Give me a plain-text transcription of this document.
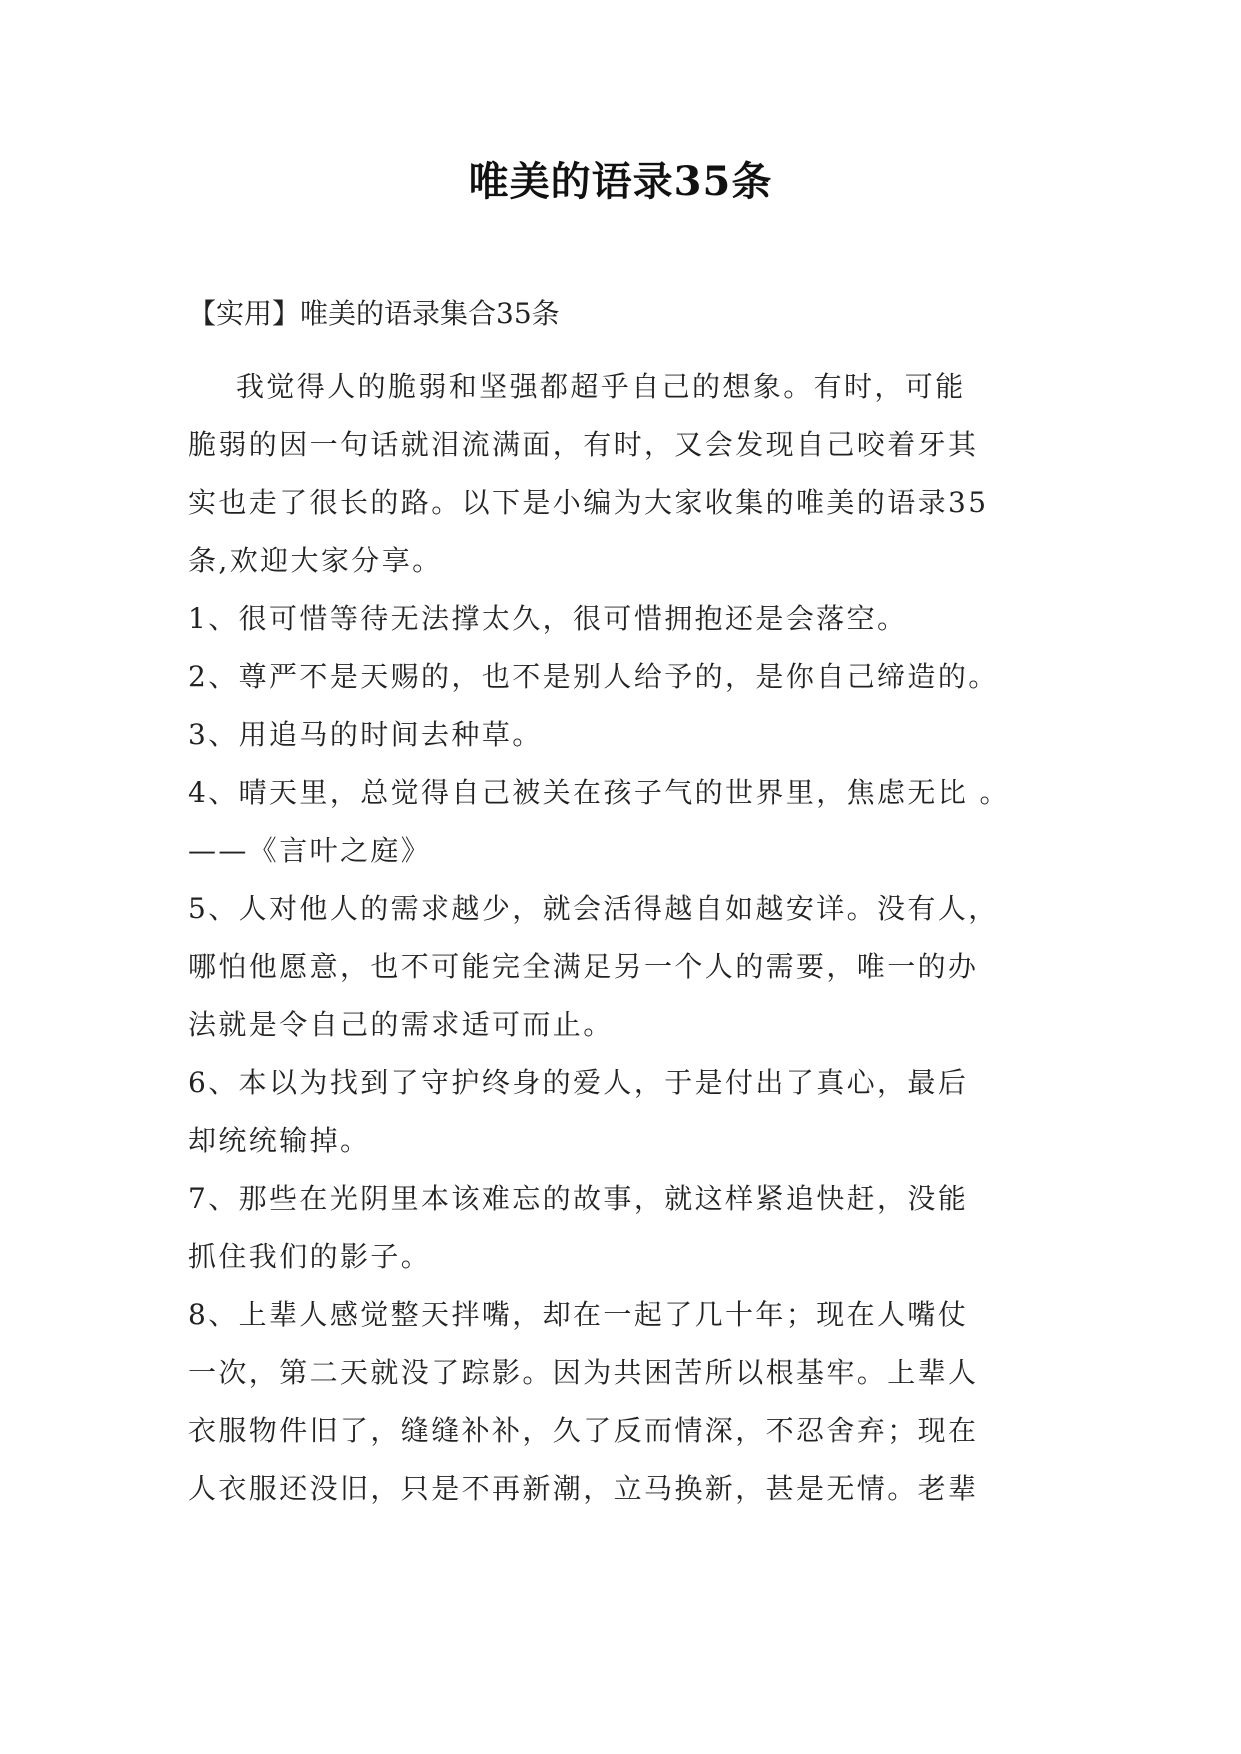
唯美的语录35条
【实用】唯美的语录集合35条
我觉得人的脆弱和坚强都超乎自己的想象。有时，可能
脆弱的因一句话就泪流满面，有时，又会发现自己咬着牙其
实也走了很长的路。以下是小编为大家收集的唯美的语录35
条,欢迎大家分享。
1、很可惜等待无法撑太久，很可惜拥抱还是会落空。
2、尊严不是天赐的，也不是别人给予的，是你自己缔造的。
3、用追马的时间去种草。
4、晴天里，总觉得自己被关在孩子气的世界里，焦虑无比 。
——《言叶之庭》
5、人对他人的需求越少，就会活得越自如越安详。没有人，
哪怕他愿意，也不可能完全满足另一个人的需要，唯一的办
法就是令自己的需求适可而止。
6、本以为找到了守护终身的爱人，于是付出了真心，最后
却统统输掉。
7、那些在光阴里本该难忘的故事，就这样紧追快赶，没能
抓住我们的影子。
8、上辈人感觉整天拌嘴，却在一起了几十年；现在人嘴仗
一次，第二天就没了踪影。因为共困苦所以根基牢。上辈人
衣服物件旧了，缝缝补补，久了反而情深，不忍舍弃；现在
人衣服还没旧，只是不再新潮，立马换新，甚是无情。老辈
